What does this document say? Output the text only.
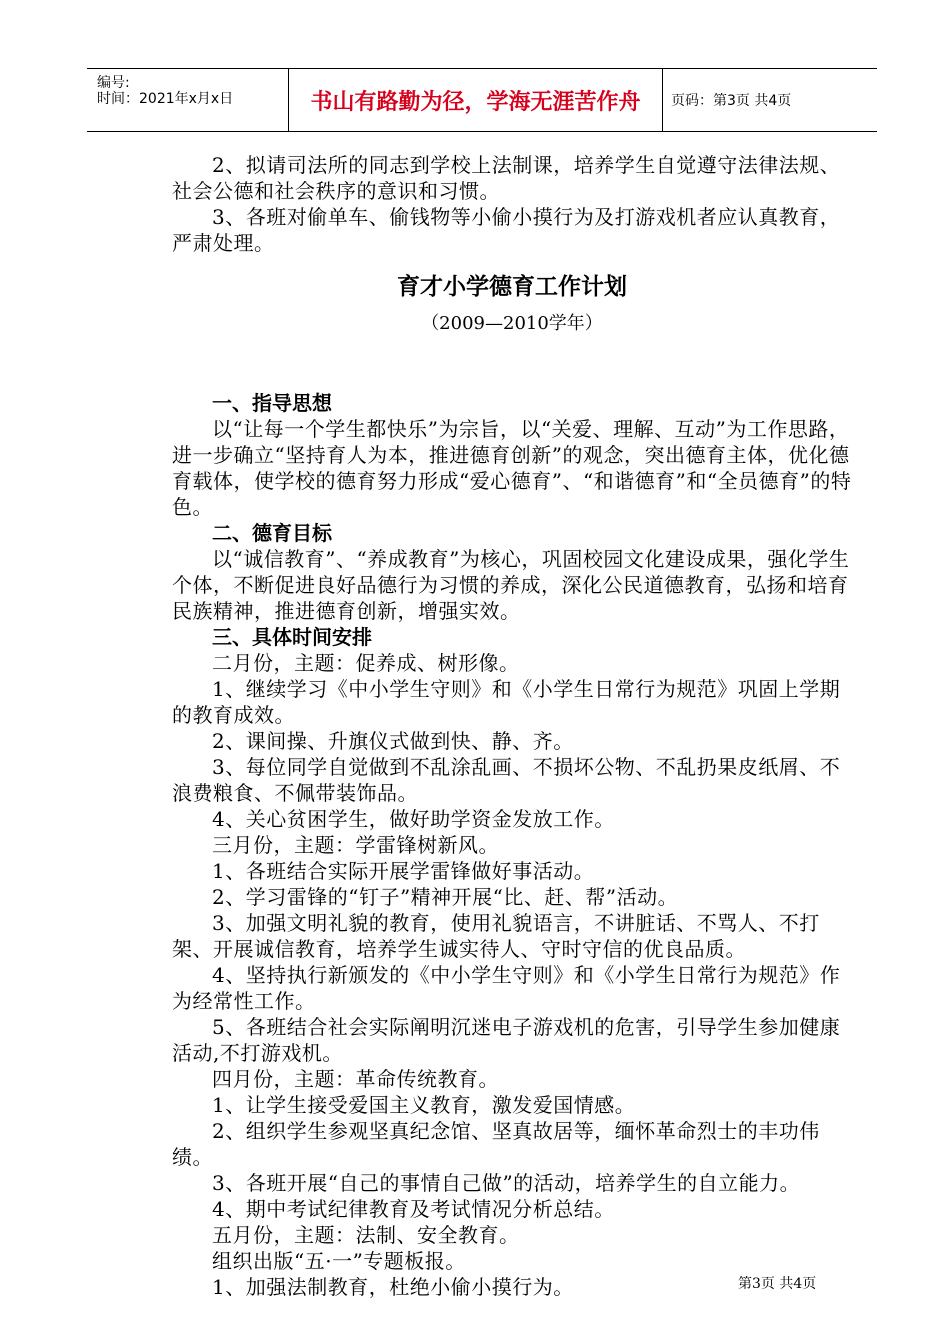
编号:
时间：2021年x月x日	书山有路勤为径，学海无涯苦作舟	页码：第3页 共4页

2、拟请司法所的同志到学校上法制课，培养学生自觉遵守法律法规、社会公德和社会秩序的意识和习惯。

3、各班对偷单车、偷钱物等小偷小摸行为及打游戏机者应认真教育，严肃处理。

育才小学德育工作计划
（2009—2010学年）

一、指导思想

以“让每一个学生都快乐”为宗旨，以“关爱、理解、互动”为工作思路，进一步确立“坚持育人为本，推进德育创新”的观念，突出德育主体，优化德育载体，使学校的德育努力形成“爱心德育”、“和谐德育”和“全员德育”的特色。

二、德育目标

以“诚信教育”、“养成教育”为核心，巩固校园文化建设成果，强化学生个体，不断促进良好品德行为习惯的养成，深化公民道德教育，弘扬和培育民族精神，推进德育创新，增强实效。

三、具体时间安排

二月份，主题：促养成、树形像。

1、继续学习《中小学生守则》和《小学生日常行为规范》巩固上学期的教育成效。

2、课间操、升旗仪式做到快、静、齐。

3、每位同学自觉做到不乱涂乱画、不损坏公物、不乱扔果皮纸屑、不浪费粮食、不佩带装饰品。

4、关心贫困学生，做好助学资金发放工作。

三月份，主题：学雷锋树新风。

1、各班结合实际开展学雷锋做好事活动。

2、学习雷锋的“钉子”精神开展“比、赶、帮”活动。

3、加强文明礼貌的教育，使用礼貌语言，不讲脏话、不骂人、不打架、开展诚信教育，培养学生诚实待人、守时守信的优良品质。

4、坚持执行新颁发的《中小学生守则》和《小学生日常行为规范》作为经常性工作。

5、各班结合社会实际阐明沉迷电子游戏机的危害，引导学生参加健康活动,不打游戏机。

四月份，主题：革命传统教育。

1、让学生接受爱国主义教育，激发爱国情感。

2、组织学生参观坚真纪念馆、坚真故居等，缅怀革命烈士的丰功伟绩。

3、各班开展“自己的事情自己做”的活动，培养学生的自立能力。

4、期中考试纪律教育及考试情况分析总结。

五月份，主题：法制、安全教育。

组织出版“五·一”专题板报。

1、加强法制教育，杜绝小偷小摸行为。	第3页 共4页
